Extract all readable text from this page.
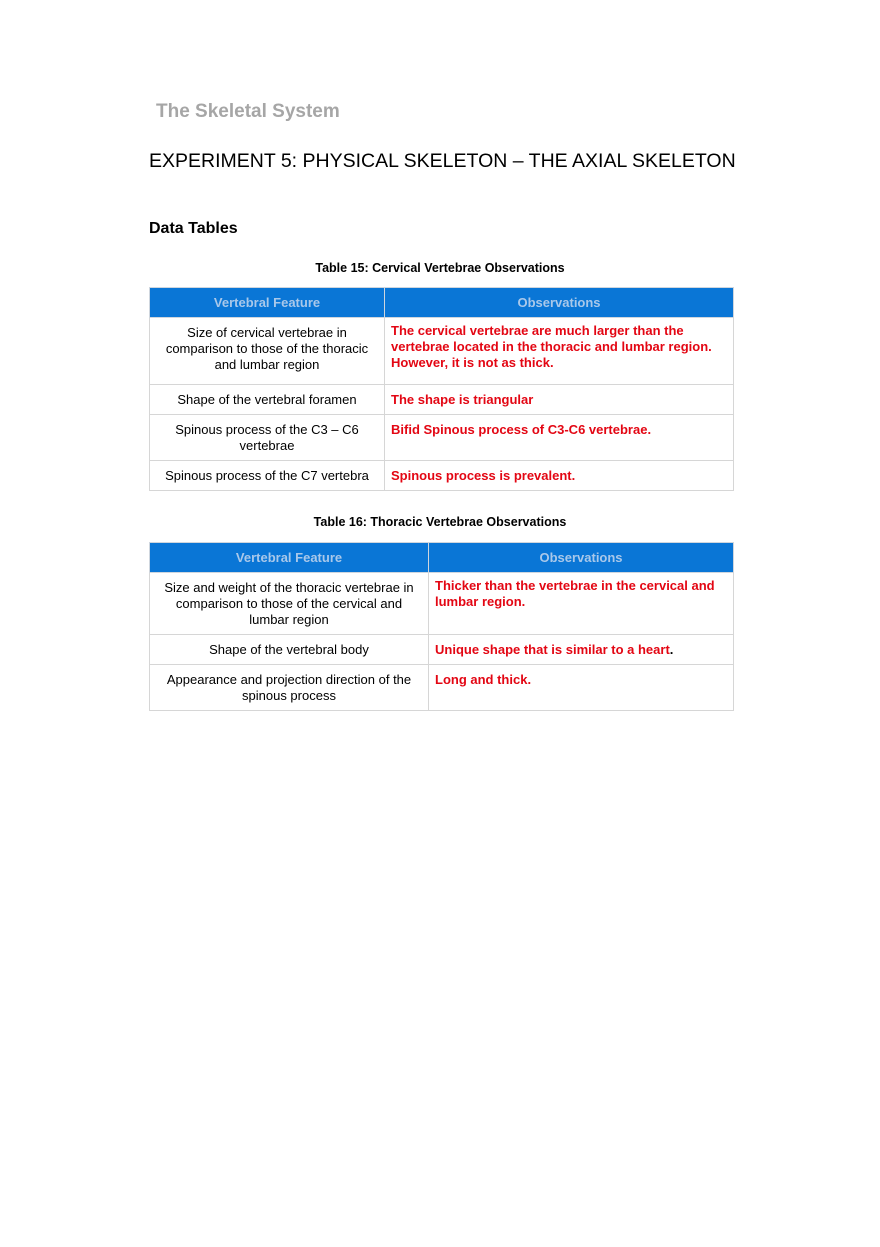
The Skeletal System
EXPERIMENT 5: PHYSICAL SKELETON – THE AXIAL SKELETON
Data Tables

Table 15: Cervical Vertebrae Observations

Vertebral Feature	Observations
Size of cervical vertebrae in comparison to those of the thoracic and lumbar region	The cervical vertebrae are much larger than the vertebrae located in the thoracic and lumbar region. However, it is not as thick.
Shape of the vertebral foramen	The shape is triangular
Spinous process of the C3 – C6 vertebrae	Bifid Spinous process of C3-C6 vertebrae.
Spinous process of the C7 vertebra	Spinous process is prevalent.

Table 16: Thoracic Vertebrae Observations

Vertebral Feature	Observations
Size and weight of the thoracic vertebrae in comparison to those of the cervical and lumbar region	Thicker than the vertebrae in the cervical and lumbar region.
Shape of the vertebral body	Unique shape that is similar to a heart.
Appearance and projection direction of the spinous process	Long and thick.
